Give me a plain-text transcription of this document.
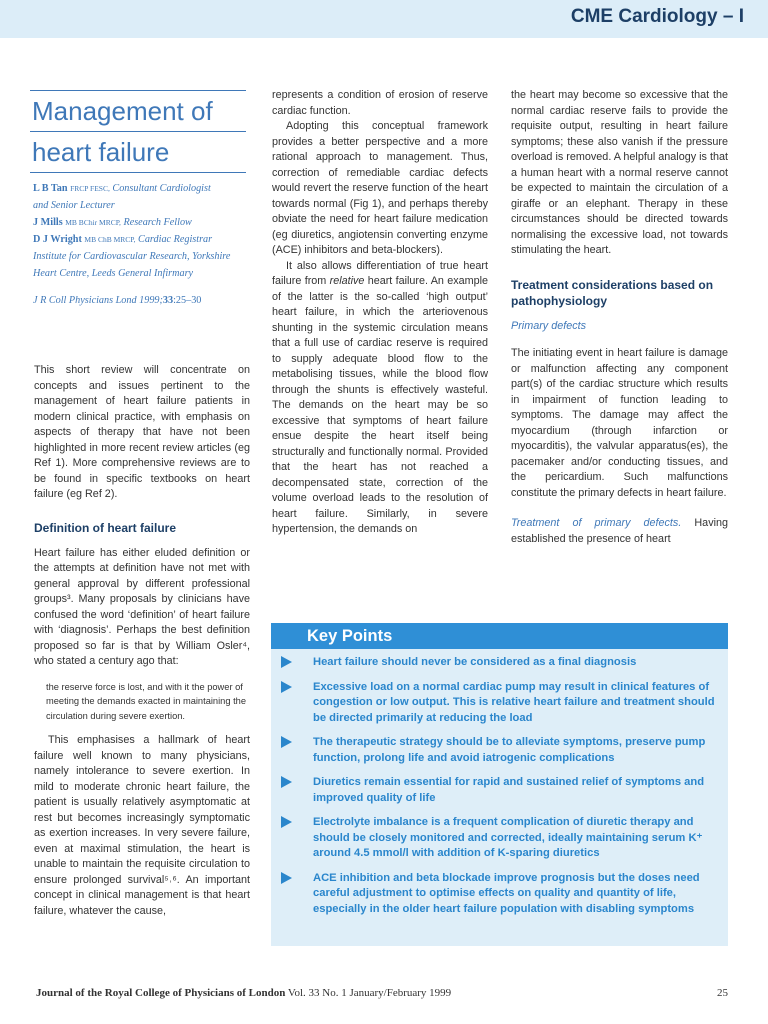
CME Cardiology – I
Management of
heart failure

L B Tan FRCP FESC, Consultant Cardiologist

and Senior Lecturer

J Mills MB BChir MRCP, Research Fellow

D J Wright MB ChB MRCP, Cardiac Registrar

Institute for Cardiovascular Research, Yorkshire Heart Centre, Leeds General Infirmary

J R Coll Physicians Lond 1999;33:25–30

This short review will concentrate on concepts and issues pertinent to the management of heart failure patients in modern clinical practice, with emphasis on aspects of therapy that have not been highlighted in more recent review articles (eg Ref 1). More comprehensive reviews are to be found in specific textbooks on heart failure (eg Ref 2).

Definition of heart failure

Heart failure has either eluded definition or the attempts at definition have not met with general approval by different professional groups³. Many proposals by clinicians have confused the word ‘definition’ of heart failure with ‘diagnosis’. Perhaps the best definition proposed so far is that by William Osler⁴, who stated a century ago that:

the reserve force is lost, and with it the power of meeting the demands exacted in maintaining the circulation during severe exertion.

This emphasises a hallmark of heart failure well known to many physicians, namely intolerance to severe exertion. In mild to moderate chronic heart failure, the patient is usually relatively asymptomatic at rest but becomes increasingly symptomatic as exertion increases. In very severe failure, even at maximal stimulation, the heart is unable to maintain the requisite circulation to ensure prolonged survival⁵˒⁶. An important concept in clinical management is that heart failure, whatever the cause,

represents a condition of erosion of reserve cardiac function.

Adopting this conceptual framework provides a better perspective and a more rational approach to management. Thus, correction of remediable cardiac defects would revert the reserve function of the heart towards normal (Fig 1), and perhaps thereby obviate the need for heart failure medication (eg diuretics, angiotensin converting enzyme (ACE) inhibitors and beta-blockers).

It also allows differentiation of true heart failure from relative heart failure. An example of the latter is the so-called ‘high output’ heart failure, in which the arteriovenous shunting in the systemic circulation means that a full use of cardiac reserve is required to supply adequate blood flow to the metabolising tissues, while the blood flow through the shunts is effectively wasteful. The demands on the heart may be so excessive that symptoms of heart failure ensue despite the heart itself being structurally and functionally normal. Provided that the heart has not reached a decompensated state, correction of the volume overload leads to the resolution of heart failure. Similarly, in severe hypertension, the demands on

the heart may become so excessive that the normal cardiac reserve fails to provide the requisite output, resulting in heart failure symptoms; these also vanish if the pressure overload is removed. A helpful analogy is that a human heart with a normal reserve cannot be expected to maintain the circulation of a giraffe or an elephant. Therapy in these circumstances should be directed towards normalising the excessive load, not towards stimulating the heart.

Treatment considerations based on pathophysiology

Primary defects

The initiating event in heart failure is damage or malfunction affecting any component part(s) of the cardiac structure which results in impairment of function leading to symptoms. The damage may affect the myocardium (through infarction or myocarditis), the valvular apparatus(es), the pacemaker and/or conducting tissues, and the pericardium. Such malfunctions constitute the primary defects in heart failure.

Treatment of primary defects. Having established the presence of heart

Key Points
Heart failure should never be considered as a final diagnosis
Excessive load on a normal cardiac pump may result in clinical features of congestion or low output. This is relative heart failure and treatment should be directed primarily at reducing the load
The therapeutic strategy should be to alleviate symptoms, preserve pump function, prolong life and avoid iatrogenic complications
Diuretics remain essential for rapid and sustained relief of symptoms and improved quality of life
Electrolyte imbalance is a frequent complication of diuretic therapy and should be closely monitored and corrected, ideally maintaining serum K⁺ around 4.5 mmol/l with addition of K-sparing diuretics
ACE inhibition and beta blockade improve prognosis but the doses need careful adjustment to optimise effects on quality and quantity of life, especially in the older heart failure population with disabling symptoms
Journal of the Royal College of Physicians of London Vol. 33 No. 1 January/February 1999	25
